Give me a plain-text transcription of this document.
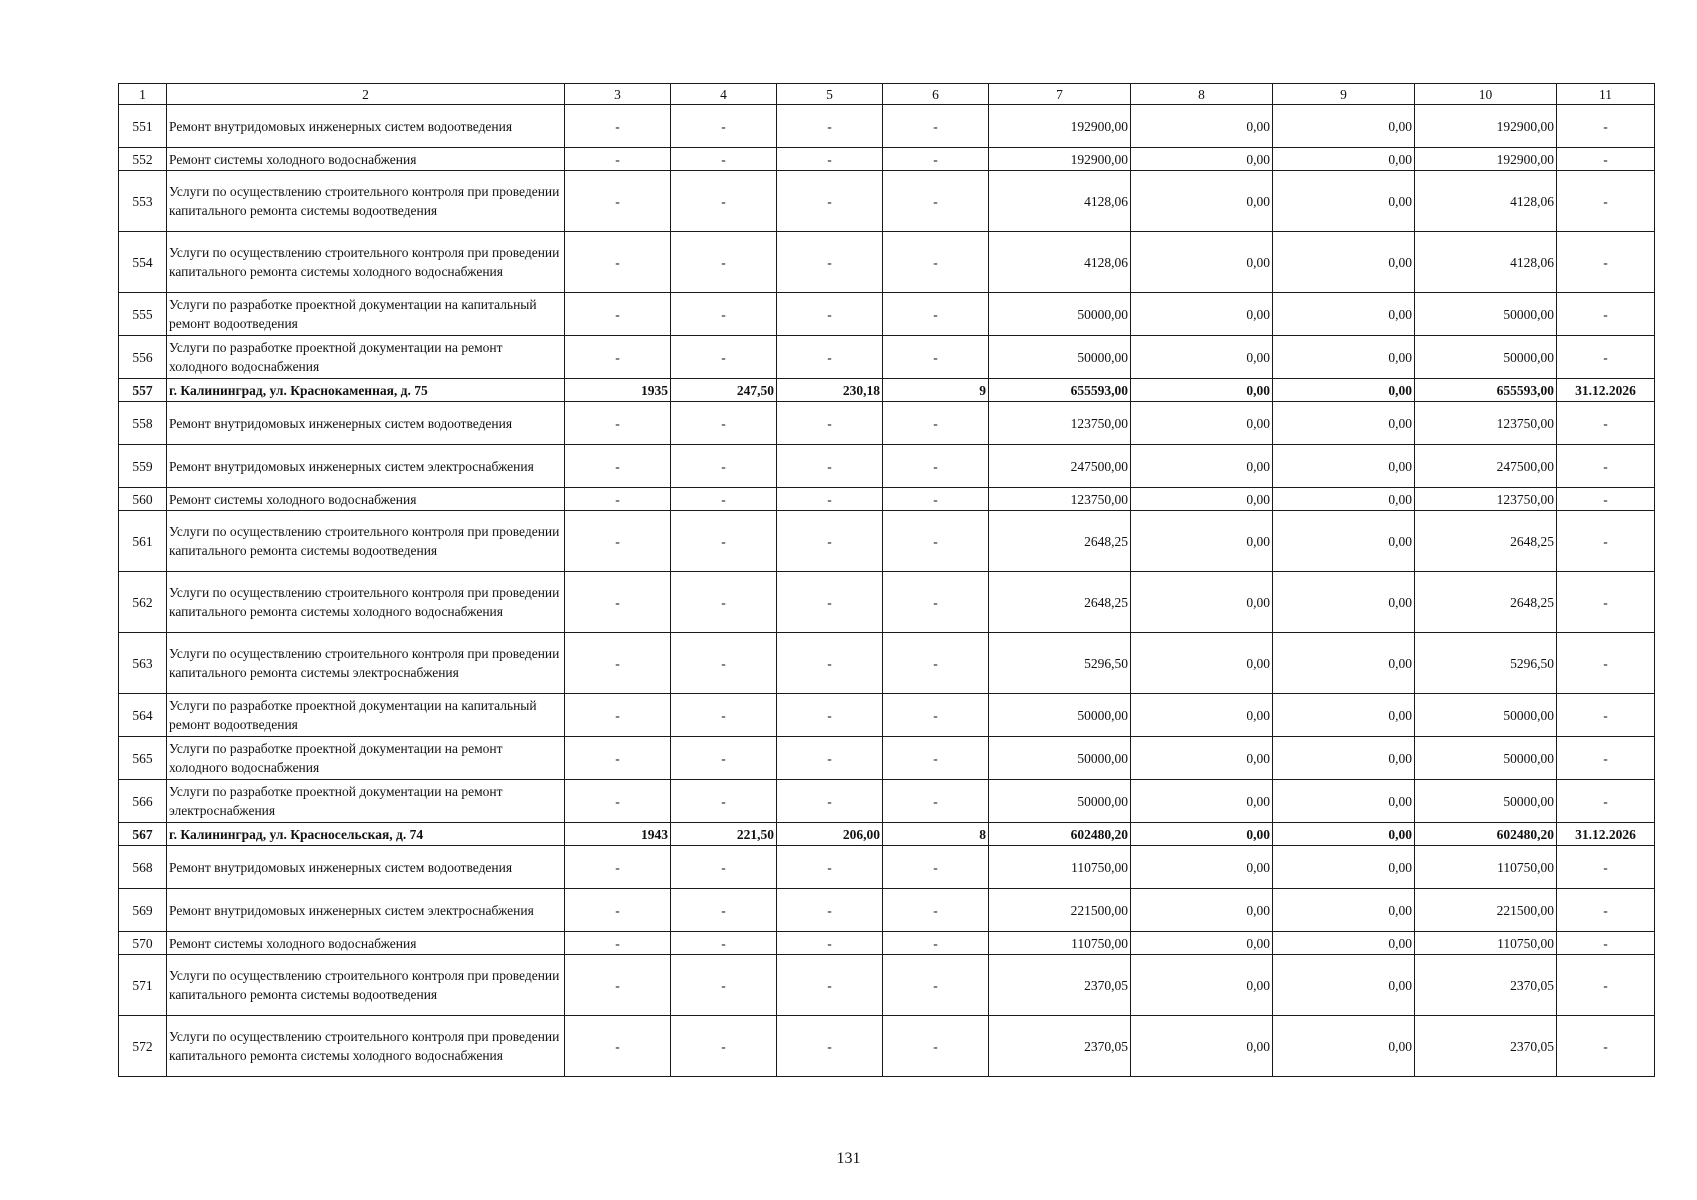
1	2	3	4	5	6	7	8	9	10	11
551	Ремонт внутридомовых инженерных систем водоотведения	-	-	-	-	192900,00	0,00	0,00	192900,00	-
552	Ремонт системы холодного водоснабжения	-	-	-	-	192900,00	0,00	0,00	192900,00	-
553	Услуги по осуществлению строительного контроля при проведении капитального ремонта системы водоотведения	-	-	-	-	4128,06	0,00	0,00	4128,06	-
554	Услуги по осуществлению строительного контроля при проведении капитального ремонта системы холодного водоснабжения	-	-	-	-	4128,06	0,00	0,00	4128,06	-
555	Услуги по разработке проектной документации на капитальный ремонт водоотведения	-	-	-	-	50000,00	0,00	0,00	50000,00	-
556	Услуги по разработке проектной документации на ремонт холодного водоснабжения	-	-	-	-	50000,00	0,00	0,00	50000,00	-
557	г. Калининград, ул. Краснокаменная, д. 75	1935	247,50	230,18	9	655593,00	0,00	0,00	655593,00	31.12.2026
558	Ремонт внутридомовых инженерных систем водоотведения	-	-	-	-	123750,00	0,00	0,00	123750,00	-
559	Ремонт внутридомовых инженерных систем электроснабжения	-	-	-	-	247500,00	0,00	0,00	247500,00	-
560	Ремонт системы холодного водоснабжения	-	-	-	-	123750,00	0,00	0,00	123750,00	-
561	Услуги по осуществлению строительного контроля при проведении капитального ремонта системы водоотведения	-	-	-	-	2648,25	0,00	0,00	2648,25	-
562	Услуги по осуществлению строительного контроля при проведении капитального ремонта системы холодного водоснабжения	-	-	-	-	2648,25	0,00	0,00	2648,25	-
563	Услуги по осуществлению строительного контроля при проведении капитального ремонта системы электроснабжения	-	-	-	-	5296,50	0,00	0,00	5296,50	-
564	Услуги по разработке проектной документации на капитальный ремонт водоотведения	-	-	-	-	50000,00	0,00	0,00	50000,00	-
565	Услуги по разработке проектной документации на ремонт холодного водоснабжения	-	-	-	-	50000,00	0,00	0,00	50000,00	-
566	Услуги по разработке проектной документации на ремонт электроснабжения	-	-	-	-	50000,00	0,00	0,00	50000,00	-
567	г. Калининград, ул. Красносельская, д. 74	1943	221,50	206,00	8	602480,20	0,00	0,00	602480,20	31.12.2026
568	Ремонт внутридомовых инженерных систем водоотведения	-	-	-	-	110750,00	0,00	0,00	110750,00	-
569	Ремонт внутридомовых инженерных систем электроснабжения	-	-	-	-	221500,00	0,00	0,00	221500,00	-
570	Ремонт системы холодного водоснабжения	-	-	-	-	110750,00	0,00	0,00	110750,00	-
571	Услуги по осуществлению строительного контроля при проведении капитального ремонта системы водоотведения	-	-	-	-	2370,05	0,00	0,00	2370,05	-
572	Услуги по осуществлению строительного контроля при проведении капитального ремонта системы холодного водоснабжения	-	-	-	-	2370,05	0,00	0,00	2370,05	-
131
